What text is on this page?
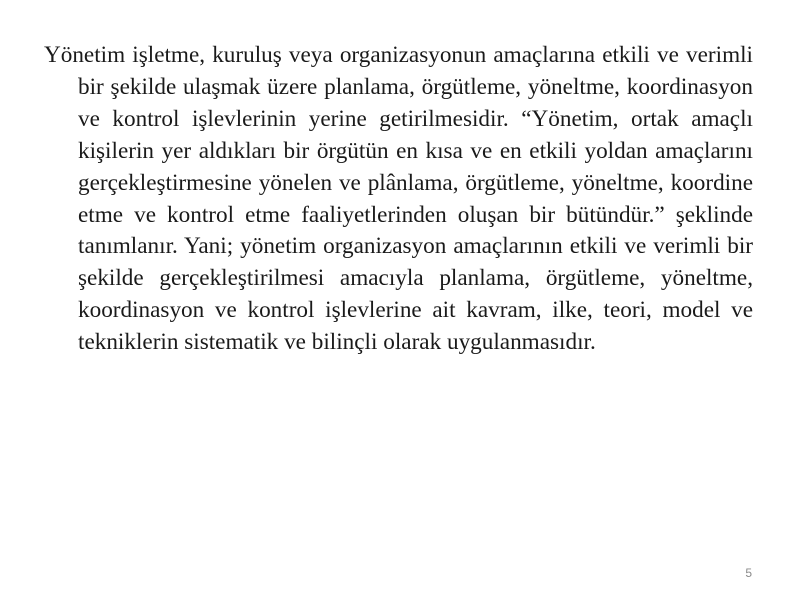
Yönetim işletme, kuruluş veya organizasyonun amaçlarına etkili ve verimli bir şekilde ulaşmak üzere planlama, örgütleme, yöneltme, koordinasyon ve kontrol işlevlerinin yerine getirilmesidir. “Yönetim, ortak amaçlı kişilerin yer aldıkları bir örgütün en kısa ve en etkili yoldan amaçlarını gerçekleştirmesine yönelen ve plânlama, örgütleme, yöneltme, koordine etme ve kontrol etme faaliyetlerinden oluşan bir bütündür.” şeklinde tanımlanır. Yani; yönetim organizasyon amaçlarının etkili ve verimli bir şekilde gerçekleştirilmesi amacıyla planlama, örgütleme, yöneltme, koordinasyon ve kontrol işlevlerine ait kavram, ilke, teori, model ve tekniklerin sistematik ve bilinçli olarak uygulanmasıdır.

5
